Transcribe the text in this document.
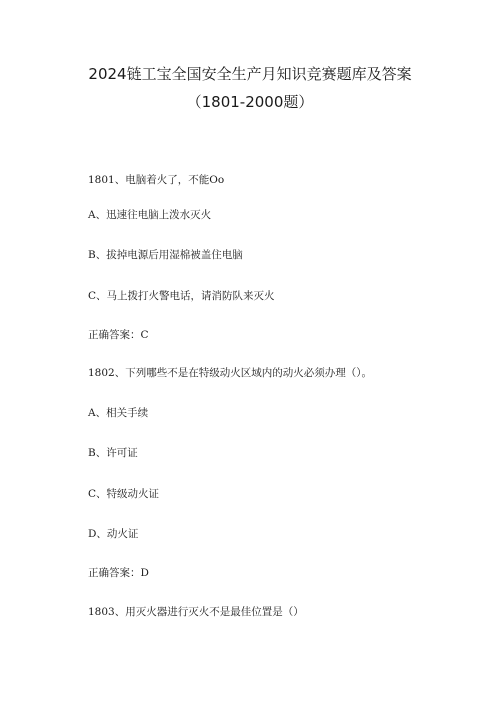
2024链工宝全国安全生产月知识竞赛题库及答案
（1801-2000题）
1801、电脑着火了，不能Oo
A、迅速往电脑上泼水灭火
B、拔掉电源后用湿棉被盖住电脑
C、马上拨打火警电话，请消防队来灭火
正确答案：C
1802、下列哪些不是在特级动火区域内的动火必须办理（）。
A、相关手续
B、许可证
C、特级动火证
D、动火证
正确答案：D
1803、用灭火器进行灭火不是最佳位置是（）
